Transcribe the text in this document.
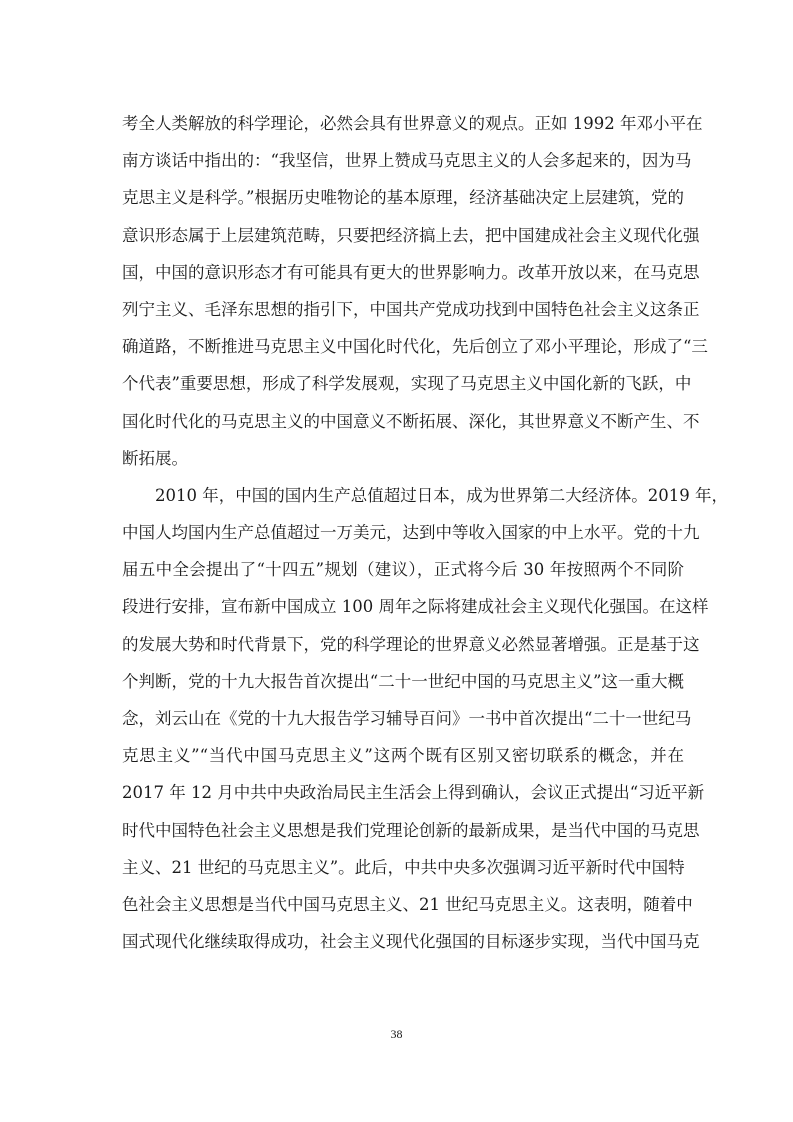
考全人类解放的科学理论，必然会具有世界意义的观点。正如 1992 年邓小平在
南方谈话中指出的：“我坚信，世界上赞成马克思主义的人会多起来的，因为马
克思主义是科学。”根据历史唯物论的基本原理，经济基础决定上层建筑，党的
意识形态属于上层建筑范畴，只要把经济搞上去，把中国建成社会主义现代化强
国，中国的意识形态才有可能具有更大的世界影响力。改革开放以来，在马克思
列宁主义、毛泽东思想的指引下，中国共产党成功找到中国特色社会主义这条正
确道路，不断推进马克思主义中国化时代化，先后创立了邓小平理论，形成了“三
个代表”重要思想，形成了科学发展观，实现了马克思主义中国化新的飞跃，中
国化时代化的马克思主义的中国意义不断拓展、深化，其世界意义不断产生、不
断拓展。
2010 年，中国的国内生产总值超过日本，成为世界第二大经济体。2019 年，
中国人均国内生产总值超过一万美元，达到中等收入国家的中上水平。党的十九
届五中全会提出了“十四五”规划（建议），正式将今后 30 年按照两个不同阶
段进行安排，宣布新中国成立 100 周年之际将建成社会主义现代化强国。在这样
的发展大势和时代背景下，党的科学理论的世界意义必然显著增强。正是基于这
个判断，党的十九大报告首次提出“二十一世纪中国的马克思主义”这一重大概
念，刘云山在《党的十九大报告学习辅导百问》一书中首次提出“二十一世纪马
克思主义”“当代中国马克思主义”这两个既有区别又密切联系的概念，并在
2017 年 12 月中共中央政治局民主生活会上得到确认，会议正式提出“习近平新
时代中国特色社会主义思想是我们党理论创新的最新成果，是当代中国的马克思
主义、21 世纪的马克思主义”。此后，中共中央多次强调习近平新时代中国特
色社会主义思想是当代中国马克思主义、21 世纪马克思主义。这表明，随着中
国式现代化继续取得成功，社会主义现代化强国的目标逐步实现，当代中国马克
38
